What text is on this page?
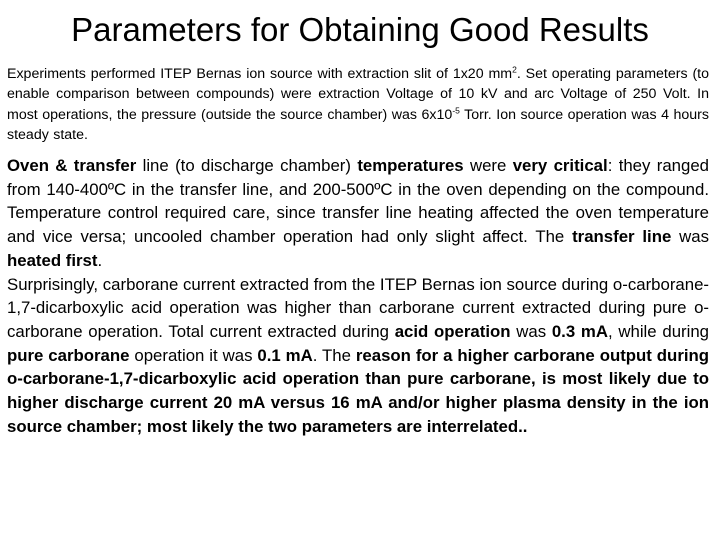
Parameters for Obtaining Good Results
Experiments performed ITEP Bernas ion source with extraction slit of 1x20 $mm^2$. Set operating parameters (to enable comparison between compounds) were extraction Voltage of 10 kV and arc Voltage of 250 Volt. In most operations, the pressure (outside the source chamber) was $6x10^{-5}$ Torr. Ion source operation was 4 hours steady state.

Oven & transfer line (to discharge chamber) temperatures were very critical: they ranged from 140-400ºC in the transfer line, and 200-500ºC in the oven depending on the compound. Temperature control required care, since transfer line heating affected the oven temperature and vice versa; uncooled chamber operation had only slight affect. The transfer line was heated first.

Surprisingly, carborane current extracted from the ITEP Bernas ion source during o-carborane-1,7-dicarboxylic acid operation was higher than carborane current extracted during pure o-carborane operation. Total current extracted during acid operation was 0.3 mA, while during pure carborane operation it was 0.1 mA. The reason for a higher carborane output during o-carborane-1,7-dicarboxylic acid operation than pure carborane, is most likely due to higher discharge current 20 mA versus 16 mA and/or higher plasma density in the ion source chamber; most likely the two parameters are interrelated..
